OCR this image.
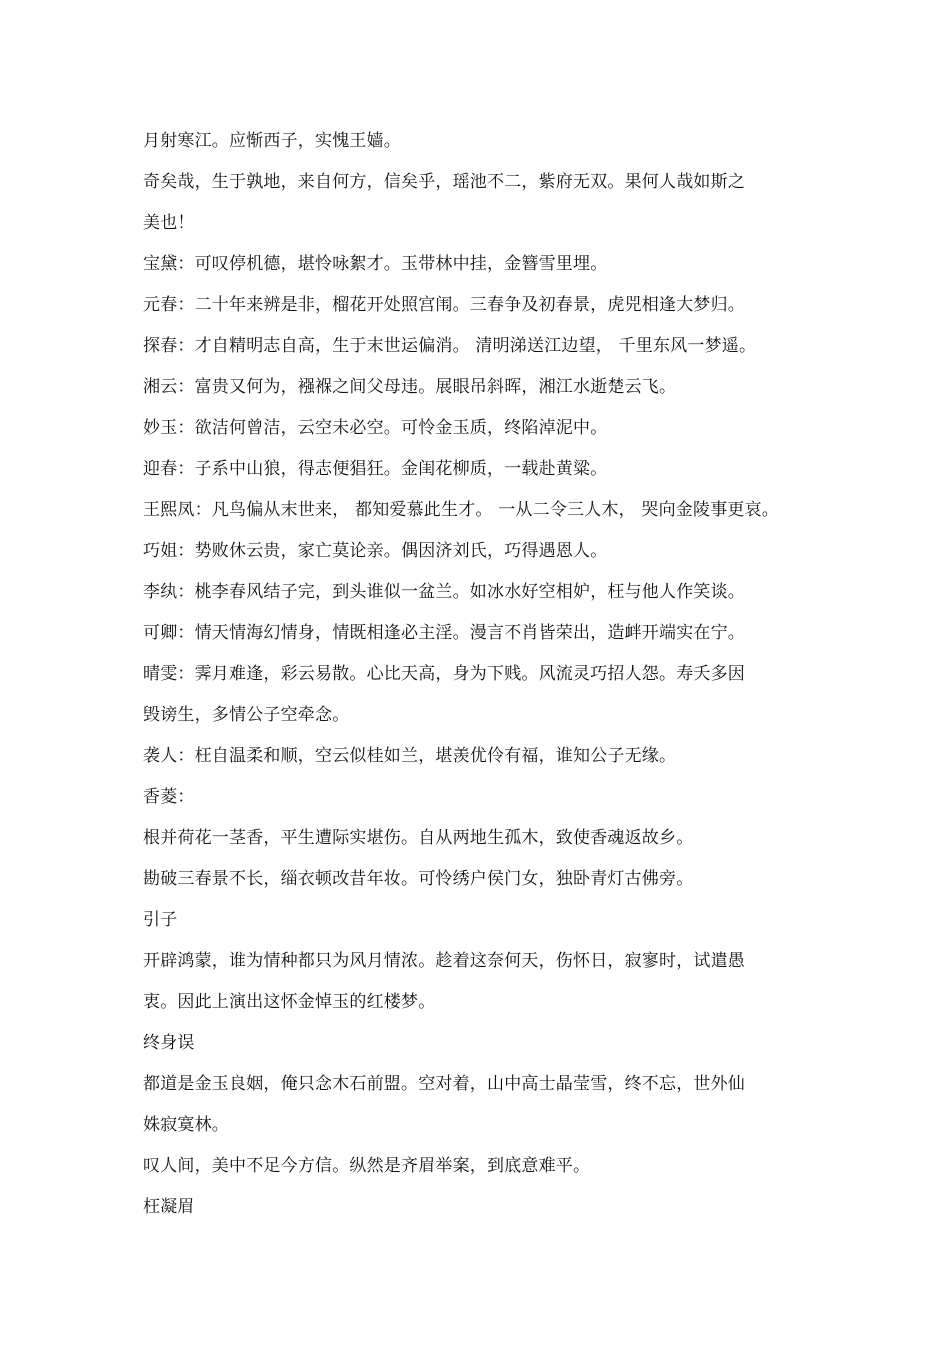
月射寒江。应惭西子，实愧王嫱。
奇矣哉，生于孰地，来自何方，信矣乎，瑶池不二，紫府无双。果何人哉如斯之
美也！
宝黛：可叹停机德，堪怜咏絮才。玉带林中挂，金簪雪里埋。
元春：二十年来辨是非，榴花开处照宫闱。三春争及初春景，虎兕相逢大梦归。
探春：才自精明志自高，生于末世运偏消。 清明涕送江边望， 千里东风一梦遥。
湘云：富贵又何为，襁褓之间父母违。展眼吊斜晖，湘江水逝楚云飞。
妙玉：欲洁何曾洁，云空未必空。可怜金玉质，终陷淖泥中。
迎春：子系中山狼，得志便猖狂。金闺花柳质，一载赴黄粱。
王熙凤：凡鸟偏从末世来， 都知爱慕此生才。 一从二令三人木， 哭向金陵事更哀。
巧姐：势败休云贵，家亡莫论亲。偶因济刘氏，巧得遇恩人。
李纨：桃李春风结子完，到头谁似一盆兰。如冰水好空相妒，枉与他人作笑谈。
可卿：情天情海幻情身，情既相逢必主淫。漫言不肖皆荣出，造衅开端实在宁。
晴雯：霁月难逢，彩云易散。心比天高，身为下贱。风流灵巧招人怨。寿夭多因
毁谤生，多情公子空牵念。
袭人：枉自温柔和顺，空云似桂如兰，堪羡优伶有福，谁知公子无缘。
香菱：
根并荷花一茎香，平生遭际实堪伤。自从两地生孤木，致使香魂返故乡。
勘破三春景不长，缁衣顿改昔年妆。可怜绣户侯门女，独卧青灯古佛旁。
引子
开辟鸿蒙，谁为情种都只为风月情浓。趁着这奈何天，伤怀日，寂寥时，试遣愚
衷。因此上演出这怀金悼玉的红楼梦。
终身误
都道是金玉良姻，俺只念木石前盟。空对着，山中高士晶莹雪，终不忘，世外仙
姝寂寞林。
叹人间，美中不足今方信。纵然是齐眉举案，到底意难平。
枉凝眉
